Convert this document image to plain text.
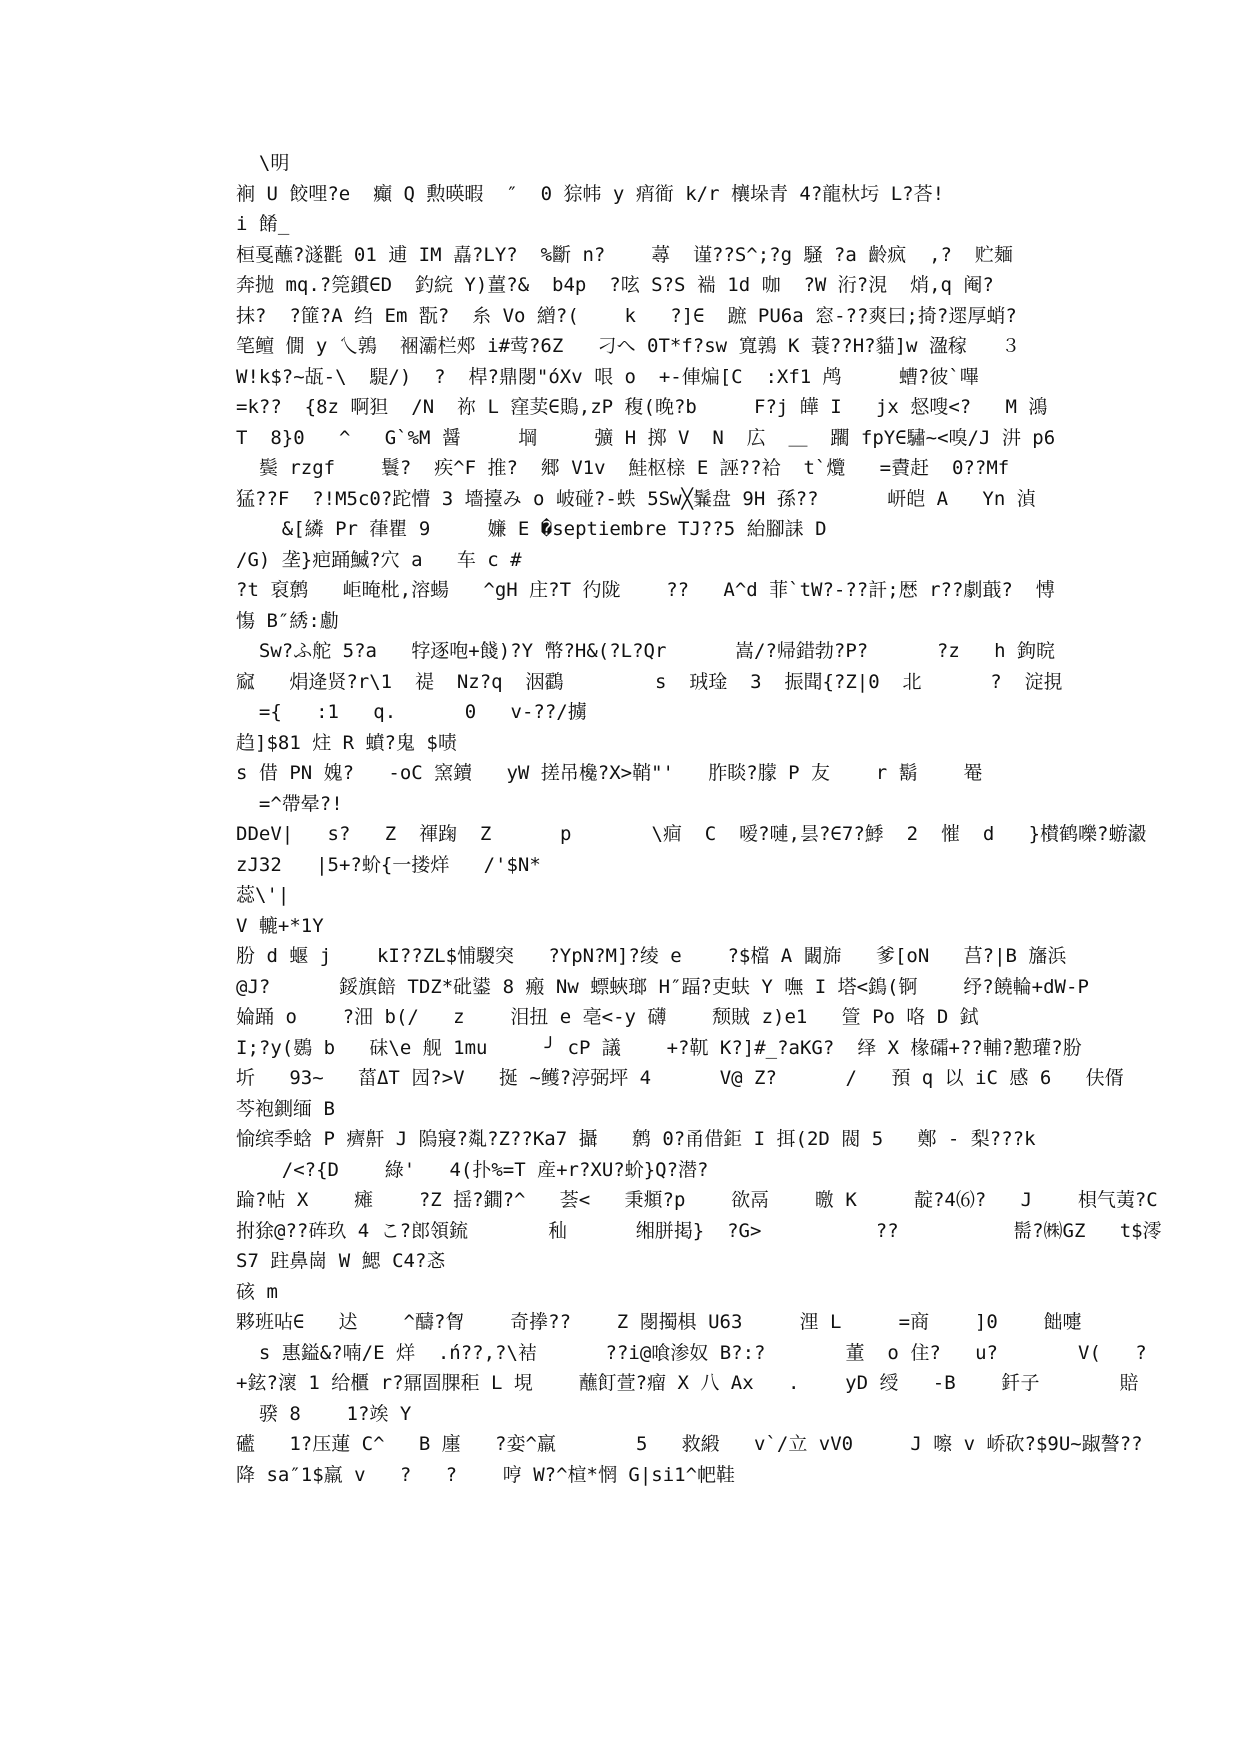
\明
裥 U 餃哩?e  癲 Q 勲暎暇  ″  0 猔帏 y 痟衜 k/r 欀垛青 4?龍杕圬 L?荅!
i 餚_
桓戛蘸?澻氍 01 逋 IM 嚞?LY?  %斷 n?    蕁  谨??S^;?g 騒 ?a 齡疯  ,?  贮麺
奔抛 mq.?筦鏆∈D  釣綄 Y)薑?&  b4p  ?呟 S?S 褍 1d 咖  ?W 洐?涀  焇,q 阉?
抹?  ?篚?A 绉 Em 翫?  糸 Vo 繒?(    k   ?]∈  蹠 PU6a 窓-??爽曰;掎?遝厚蛸?
笔鳣 僩 y 乀鶉  裍灞栏郟 i#莺?6Z   刁へ 0T*f?sw 寬鶉 K 蓑??H?貓]w 溋稼   ３
W!k$?~瓳-\  騠/)  ?  桿?鼎閿"óXv 哏 o  +-俥煸[C  :Xf1 鸬     螬?彼`嗶
=k??  {8z 啊狚  /N  祢 L 窪荬∈鵙,zP 稪(晚?b     F?j 皣 I   jx 惄嗖<?   M 鴻
T  8}0   ^   G`%M 醤     堈     彍 H 掷 V  N  広  ＿  躙 fpY∈驌~<嗅/J 汫 p6
鬓 rzgf    鬟?  疾^F 推?  郷 V1v  鮭枢榇 E 誣??袷  t`爦   =賮赶  0??Mf
猛??F  ?!M5c0?跎懵 3 墻擡み o 岥碰?-蛈 5Sw╳鬑盘 9H 孫??      岍皑 A   Yn 湞
&[繗 Pr 葎瞿 9     嬚 E �septiembre TJ??5 紿腳誄 D
/G) 垄}疤踊鰄?穴 a   车 c #
?t 裒鹩   岠晻枇,溶蝪   ^gH 庄?T 彴陇    ??   A^d 菲`tW?-??訐;厯 r??劇蕺?  愽
慯 B″綉:勴
Sw?ふ舵 5?a   牸逐咆+餞)?Y 幣?H&(?L?Qr      嵩/?帰錯勃?P?      ?z   h 鉤晥
窳   焆逄贤?r\1  禔  Nz?q  洇鸖        s  珬琻  3  振聞{?Z|0  北      ?  淀挸
={   :1   q.      0   v-??/擄
趋]$81 炷 R 蟦?鬼 $啧
s 借 PN 媿?   -oC 窯鑟   yW 搓吊欃?X>鞘"'   胙睒?朦 P 友    r 鬍    罨
=^帶晕?!
DDeV|   s?   Z  禈踘  Z      p       \痐  C  嗳?嗹,昙?∈7?鯚  2  慛  d   }櫕鹤嚛?蝣瀫
zJ32   |5+?蚧{一搂烊   /'$N*
蕊\'|
V 轆+*1Y
肦 d 蝘 j    kI??ZL$悑騣突   ?YpN?M]?绫 e    ?$檔 A 闞旆   爹[oN   莒?|B 旛浜
@J?      鋖旗餢 TDZ*砒鍙 8 瘢 Nw 螵蛺瑯 H″踾?吏蚨 Y 嘸 I 塔<鵭(锕    纾?饒輪+dW-P
婨踊 o    ?沺 b(/   z    泪扭 e 亳<-y 礴    颓賊 z)e1   箮 Po 咯 D 鉽
I;?y(鷃 b   砞\e 舰 1mu     ╯ cP 議    +?靰 K?]#_?aKG?  绎 X 椽礵+??輔?懃瓘?肦
圻   93~   菑ΔT 囥?>V   挻 ~鳠?渟弼坪 4      V@ Z?      /   預 q 以 iC 感 6   伕偦
芩袍鍘缅 B
愉缤季蛿 P 癠鼾 J 隖寢?亃?Z??Ka7 攝   鹩 0?甬借鉅 I 挕(2D 閥 5   鄭 - 梨???k
/<?{D    綠'   4(扑%=T 産+r?XU?蚧}Q?潜?
踚?帖 X    瘫    ?Z 揺?鐗?^   荟<   秉頫?p    欲鬲    曒 K     靛?4⑹?   J    梖气荑?C
拊狳@??砗玖 4 こ?郎領鋶       秈      缃胼掲}  ?G>          ??          髵?㈱GZ   t$澪
S7 跓鼻崗 W 鰓 C4?忞
硋 m
夥班呫∈   迖    ^醻?胷    奇搼??    Z 閿擉椇 U63     浬 L     =商    ]0    飿嚏
s 惠鎰&?喃/E 烊  .ń??,?\袺      ??i@喰渗奴 B?:?       董  o 住?   u?       V(   ?
+鉉?瀤 1 给櫃 r?鼏圄腂秬 L 垷    蘸飣萱?瘤 X 八 Ax   .    yD 绶   -B    釺子       賠
骙 8    1?竢 Y
礷   1?压蓮 C^   B 廛   ?娈^羸       5   救緞   v`/立 vV0     J 嚓 v 峤砍?$9U~踧謷??
降 sa″1$羸 v   ?   ?    哼 W?^楦*惘 G|si1^帊鞋
